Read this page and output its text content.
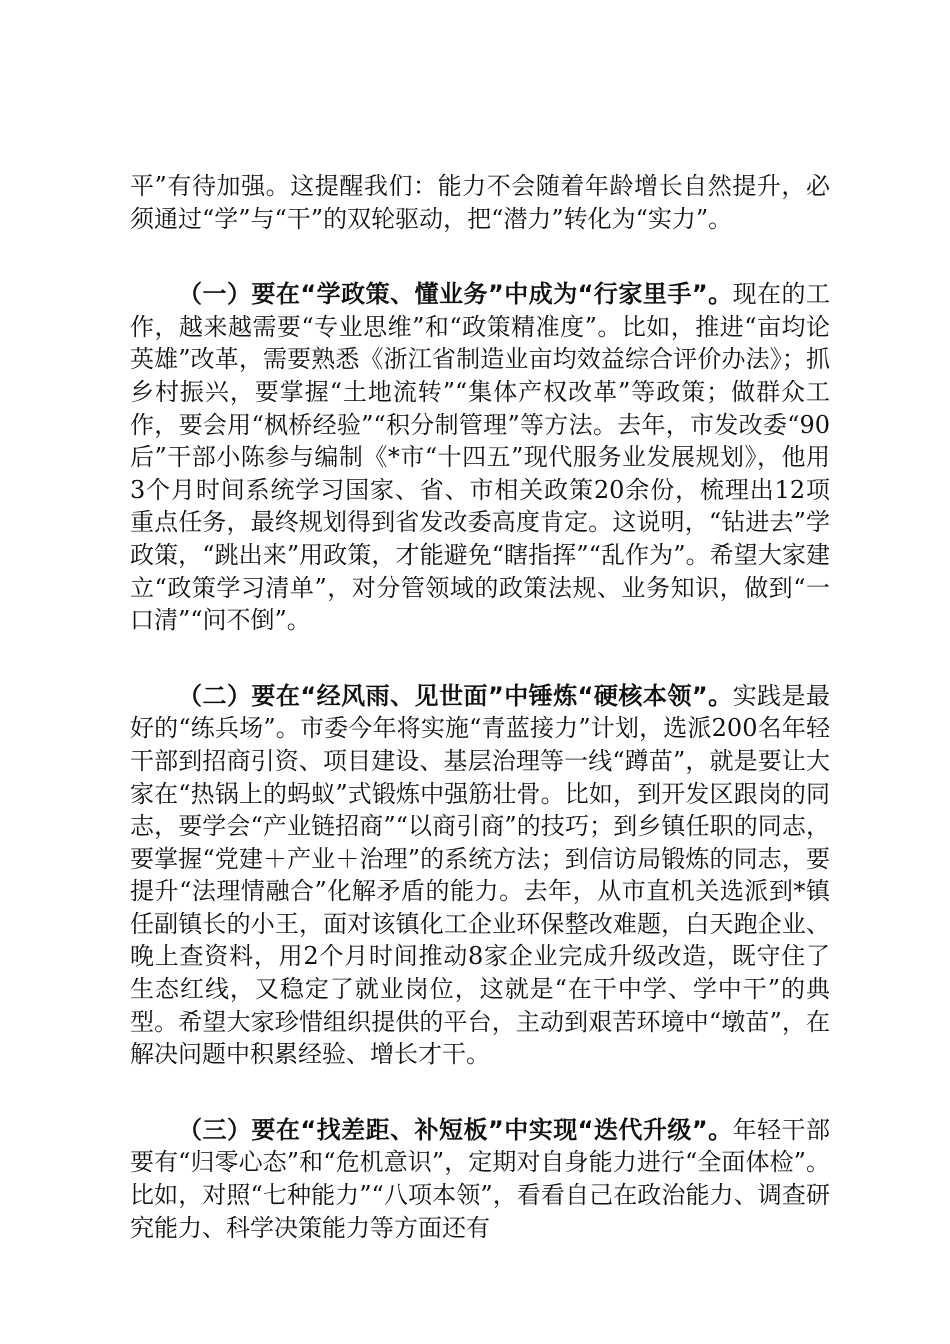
平”有待加强。这提醒我们：能力不会随着年龄增长自然提升，必须通过“学”与“干”的双轮驱动，把“潜力”转化为“实力”。

（一）要在“学政策、懂业务”中成为“行家里手”。现在的工作，越来越需要“专业思维”和“政策精准度”。比如，推进“亩均论英雄”改革，需要熟悉《浙江省制造业亩均效益综合评价办法》；抓乡村振兴，要掌握“土地流转”“集体产权改革”等政策；做群众工作，要会用“枫桥经验”“积分制管理”等方法。去年，市发改委“90后”干部小陈参与编制《*市“十四五”现代服务业发展规划》，他用3个月时间系统学习国家、省、市相关政策20余份，梳理出12项重点任务，最终规划得到省发改委高度肯定。这说明，“钻进去”学政策，“跳出来”用政策，才能避免“瞎指挥”“乱作为”。希望大家建立“政策学习清单”，对分管领域的政策法规、业务知识，做到“一口清”“问不倒”。

（二）要在“经风雨、见世面”中锤炼“硬核本领”。实践是最好的“练兵场”。市委今年将实施“青蓝接力”计划，选派200名年轻干部到招商引资、项目建设、基层治理等一线“蹲苗”，就是要让大家在“热锅上的蚂蚁”式锻炼中强筋壮骨。比如，到开发区跟岗的同志，要学会“产业链招商”“以商引商”的技巧；到乡镇任职的同志，要掌握“党建＋产业＋治理”的系统方法；到信访局锻炼的同志，要提升“法理情融合”化解矛盾的能力。去年，从市直机关选派到*镇任副镇长的小王，面对该镇化工企业环保整改难题，白天跑企业、晚上查资料，用2个月时间推动8家企业完成升级改造，既守住了生态红线，又稳定了就业岗位，这就是“在干中学、学中干”的典型。希望大家珍惜组织提供的平台，主动到艰苦环境中“墩苗”，在解决问题中积累经验、增长才干。

（三）要在“找差距、补短板”中实现“迭代升级”。年轻干部要有“归零心态”和“危机意识”，定期对自身能力进行“全面体检”。比如，对照“七种能力”“八项本领”，看看自己在政治能力、调查研究能力、科学决策能力等方面还有
